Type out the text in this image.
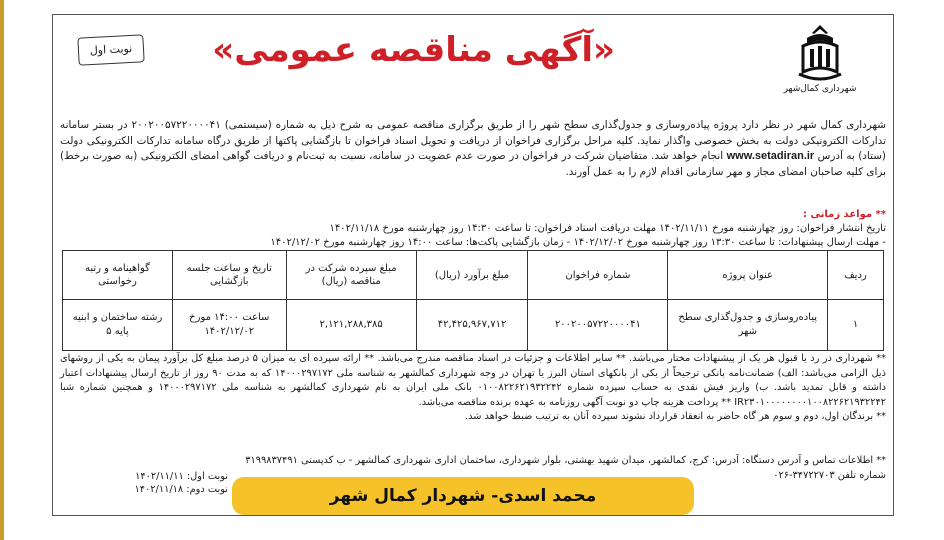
شهرداری کمال‌شهر
«آگهی مناقصه عمومی»
نوبت اول

شهرداری کمال شهر در نظر دارد پروژه پیاده‌روسازی و جدول‌گذاری سطح شهر را از طریق برگزاری مناقصه عمومی به شرح ذیل به شماره (سیستمی) ۲۰۰۲۰۰۵۷۲۲۰۰۰۰۴۱ در بستر سامانه تدارکات الکترونیکی دولت به بخش خصوصی واگذار نماید. کلیه مراحل برگزاری فراخوان از دریافت و تحویل اسناد فراخوان تا بازگشایی پاکتها از طریق درگاه سامانه تدارکات الکترونیکی دولت (ستاد) به آدرس www.setadiran.ir انجام خواهد شد. متقاضیان شرکت در فراخوان در صورت عدم عضویت در سامانه، نسبت به ثبت‌نام و دریافت گواهی امضای الکترونیکی (به صورت برخط) برای کلیه صاحبان امضای مجاز و مهر سازمانی اقدام لازم را به عمل آورند.

** مواعد زمانی :

تاریخ انتشار فراخوان: روز چهارشنبه مورخ ۱۴۰۲/۱۱/۱۱ مهلت دریافت اسناد فراخوان: تا ساعت ۱۴:۳۰ روز چهارشنبه مورخ ۱۴۰۲/۱۱/۱۸

- مهلت ارسال پیشنهادات: تا ساعت ۱۳:۳۰ روز چهارشنبه مورخ ۱۴۰۲/۱۲/۰۲ - زمان بازگشایی پاکت‌ها: ساعت ۱۴:۰۰ روز چهارشنبه مورخ ۱۴۰۲/۱۲/۰۲

ردیف	عنوان پروژه	شماره فراخوان	مبلغ برآورد (ریال)	مبلغ سپرده شرکت در مناقصه (ریال)	تاریخ و ساعت جلسه بازگشایی	گواهینامه و رتبه رخواستی
۱	پیاده‌روسازی و جدول‌گذاری سطح شهر	۲۰۰۲۰۰۵۷۲۲۰۰۰۰۴۱	۴۲,۴۲۵,۹۶۷,۷۱۲	۲,۱۲۱,۲۸۸,۳۸۵	ساعت ۱۴:۰۰ مورخ ۱۴۰۲/۱۲/۰۲	رشته ساختمان و ابنیه پایه ۵

** شهرداری در رد یا قبول هر یک از پیشنهادات مختار می‌باشد. ** سایر اطلاعات و جزئیات در اسناد مناقصه مندرج می‌باشد. ** ارائه سپرده ای به میزان ۵ درصد مبلغ کل برآورد پیمان به یکی از روشهای ذیل الزامی می‌باشد: الف) ضمانت‌نامه بانکی ترجیحاً از یکی از بانکهای استان البرز یا تهران در وجه شهرداری کمالشهر به شناسه ملی ۱۴۰۰۰۲۹۷۱۷۲ که به مدت ۹۰ روز از تاریخ ارسال پیشنهادات اعتبار داشته و قابل تمدید باشد. ب) واریز فیش نقدی به حساب سپرده شماره ۰۱۰۰۸۲۲۶۲۱۹۳۲۲۴۲ بانک ملی ایران به نام شهرداری کمالشهر به شناسه ملی ۱۴۰۰۰۲۹۷۱۷۲ و همچنین شماره شبا IR۲۳۰۱۰۰۰۰۰۰۰۰۱۰۰۸۲۲۶۲۱۹۳۲۲۴۲ ** پرداخت هزینه چاپ دو نوبت آگهی روزنامه به عهده برنده مناقصه می‌باشد.

** برندگان اول، دوم و سوم هر گاه حاضر به انعقاد قرارداد نشوند سپرده آنان به ترتیب ضبط خواهد شد.

** اطلاعات تماس و آدرس دستگاه: آدرس: کرج، کمالشهر، میدان شهید بهشتی، بلوار شهرداری، ساختمان اداری شهرداری کمالشهر - ب کدپستی ۳۱۹۹۸۳۷۴۹۱

شماره تلفن ۳۴۷۲۲۷۰۳-۰۲۶

نوبت اول: ۱۴۰۲/۱۱/۱۱

نوبت دوم: ۱۴۰۲/۱۱/۱۸	محمد اسدی- شهردار کمال شهر
